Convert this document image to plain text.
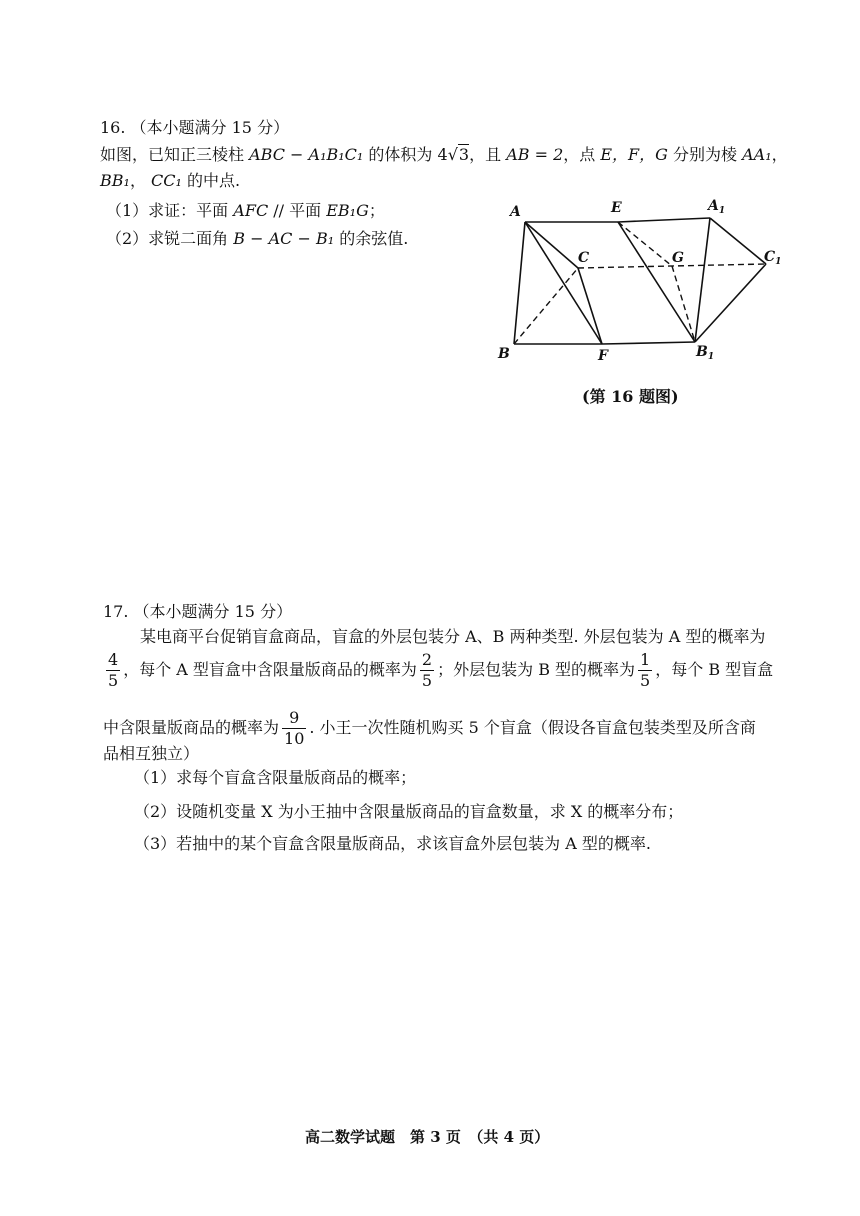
16. （本小题满分 15 分）
如图，已知正三棱柱 ABC − A₁B₁C₁ 的体积为 4√3，且 AB = 2，点 E，F，G 分别为棱 AA₁，
BB₁， CC₁ 的中点.
（1）求证：平面 AFC // 平面 EB₁G；
（2）求锐二面角 B − AC − B₁ 的余弦值.
A	E	$A_1$
C	G	$C_1$
B	F	$B_1$
(第 16 题图)
17. （本小题满分 15 分）
某电商平台促销盲盒商品，盲盒的外层包装分 A、B 两种类型. 外层包装为 A 型的概率为
$\frac{4}{5}$ ，每个 A 型盲盒中含限量版商品的概率为 $\frac{2}{5}$ ；外层包装为 B 型的概率为 $\frac{1}{5}$ ，每个 B 型盲盒
中含限量版商品的概率为 $\frac{9}{10}$ . 小王一次性随机购买 5 个盲盒（假设各盲盒包装类型及所含商
品相互独立）
（1）求每个盲盒含限量版商品的概率；
（2）设随机变量 X 为小王抽中含限量版商品的盲盒数量，求 X 的概率分布；
（3）若抽中的某个盲盒含限量版商品，求该盲盒外层包装为 A 型的概率.
高二数学试题　第 3 页　（共 4 页）
